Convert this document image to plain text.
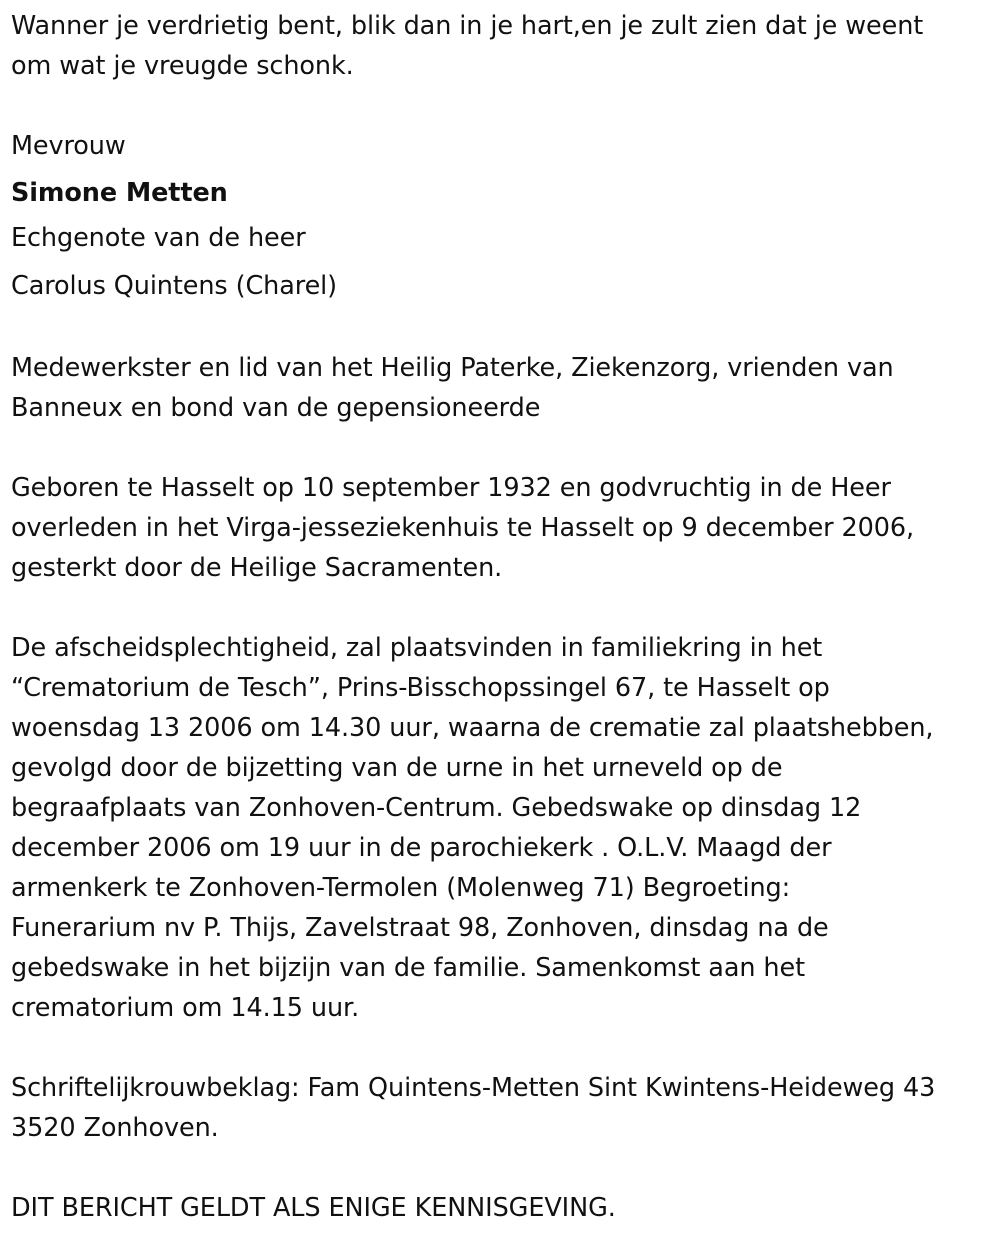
Wanner je verdrietig bent, blik dan in je hart,en je zult zien dat je weent
om wat je vreugde schonk.
Mevrouw
Simone Metten
Echgenote van de heer
Carolus Quintens (Charel)
Medewerkster en lid van het Heilig Paterke, Ziekenzorg, vrienden van
Banneux en bond van de gepensioneerde
Geboren te Hasselt op 10 september 1932 en godvruchtig in de Heer
overleden in het Virga-jesseziekenhuis te Hasselt op 9 december 2006,
gesterkt door de Heilige Sacramenten.
De afscheidsplechtigheid, zal plaatsvinden in familiekring in het
“Crematorium de Tesch”, Prins-Bisschopssingel 67, te Hasselt op
woensdag 13 2006 om 14.30 uur, waarna de crematie zal plaatshebben,
gevolgd door de bijzetting van de urne in het urneveld op de
begraafplaats van Zonhoven-Centrum. Gebedswake op dinsdag 12
december 2006 om 19 uur in de parochiekerk . O.L.V. Maagd der
armenkerk te Zonhoven-Termolen (Molenweg 71) Begroeting:
Funerarium nv P. Thijs, Zavelstraat 98, Zonhoven, dinsdag na de
gebedswake in het bijzijn van de familie. Samenkomst aan het
crematorium om 14.15 uur.
Schriftelijkrouwbeklag: Fam Quintens-Metten Sint Kwintens-Heideweg 43
3520 Zonhoven.
DIT BERICHT GELDT ALS ENIGE KENNISGEVING.
